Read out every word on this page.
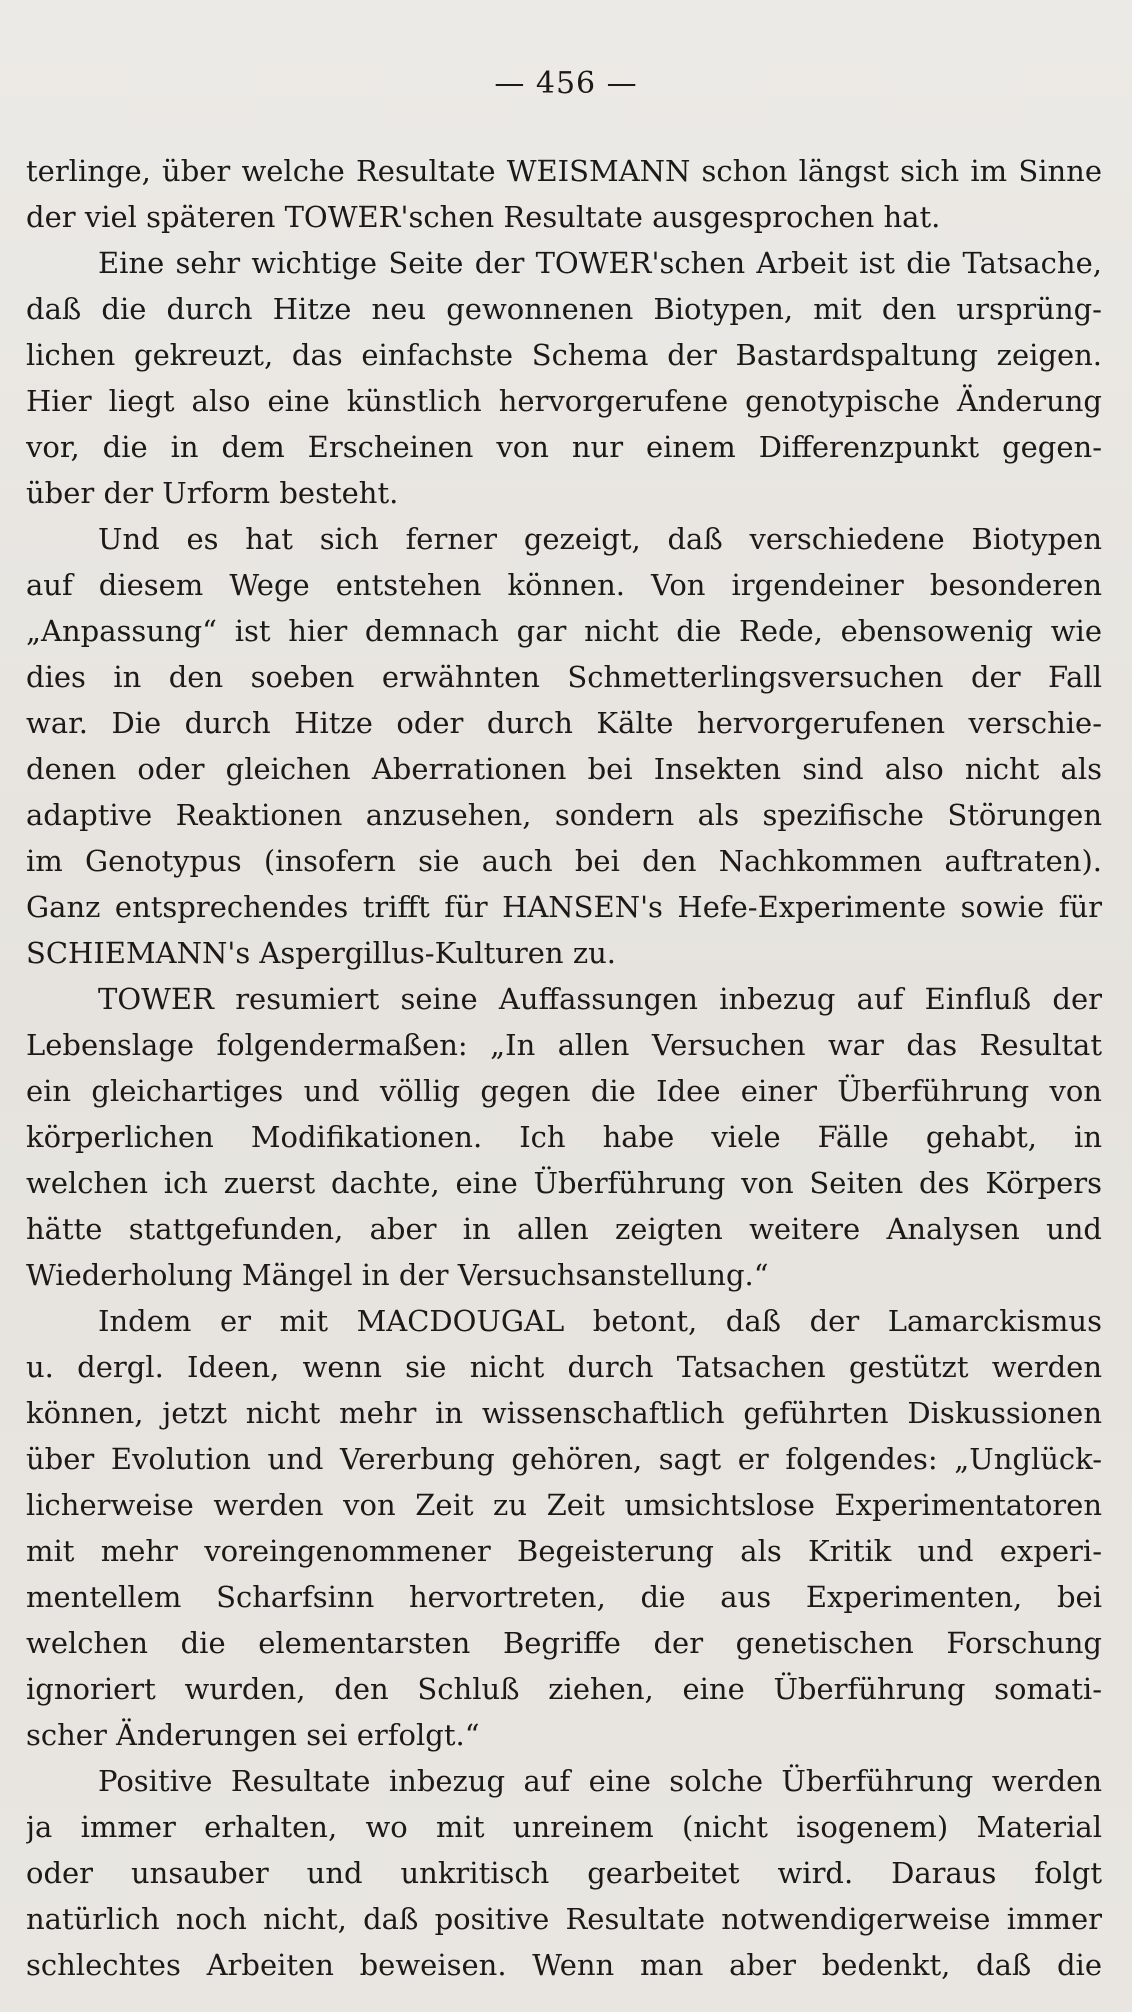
— 456 —
terlinge, über welche Resultate WEISMANN schon längst sich im Sinne
der viel späteren TOWER'schen Resultate ausgesprochen hat.
Eine sehr wichtige Seite der TOWER'schen Arbeit ist die Tatsache,
daß die durch Hitze neu gewonnenen Biotypen, mit den ursprüng-
lichen gekreuzt, das einfachste Schema der Bastardspaltung zeigen.
Hier liegt also eine künstlich hervorgerufene genotypische Änderung
vor, die in dem Erscheinen von nur einem Differenzpunkt gegen-
über der Urform besteht.
Und es hat sich ferner gezeigt, daß verschiedene Biotypen
auf diesem Wege entstehen können. Von irgendeiner besonderen
„Anpassung“ ist hier demnach gar nicht die Rede, ebensowenig wie
dies in den soeben erwähnten Schmetterlingsversuchen der Fall
war. Die durch Hitze oder durch Kälte hervorgerufenen verschie-
denen oder gleichen Aberrationen bei Insekten sind also nicht als
adaptive Reaktionen anzusehen, sondern als spezifische Störungen
im Genotypus (insofern sie auch bei den Nachkommen auftraten).
Ganz entsprechendes trifft für HANSEN's Hefe-Experimente sowie für
SCHIEMANN's Aspergillus-Kulturen zu.
TOWER resumiert seine Auffassungen inbezug auf Einfluß der
Lebenslage folgendermaßen: „In allen Versuchen war das Resultat
ein gleichartiges und völlig gegen die Idee einer Überführung von
körperlichen Modifikationen. Ich habe viele Fälle gehabt, in
welchen ich zuerst dachte, eine Überführung von Seiten des Körpers
hätte stattgefunden, aber in allen zeigten weitere Analysen und
Wiederholung Mängel in der Versuchsanstellung.“
Indem er mit MACDOUGAL betont, daß der Lamarckismus
u. dergl. Ideen, wenn sie nicht durch Tatsachen gestützt werden
können, jetzt nicht mehr in wissenschaftlich geführten Diskussionen
über Evolution und Vererbung gehören, sagt er folgendes: „Unglück-
licherweise werden von Zeit zu Zeit umsichtslose Experimentatoren
mit mehr voreingenommener Begeisterung als Kritik und experi-
mentellem Scharfsinn hervortreten, die aus Experimenten, bei
welchen die elementarsten Begriffe der genetischen Forschung
ignoriert wurden, den Schluß ziehen, eine Überführung somati-
scher Änderungen sei erfolgt.“
Positive Resultate inbezug auf eine solche Überführung werden
ja immer erhalten, wo mit unreinem (nicht isogenem) Material
oder unsauber und unkritisch gearbeitet wird. Daraus folgt
natürlich noch nicht, daß positive Resultate notwendigerweise immer
schlechtes Arbeiten beweisen. Wenn man aber bedenkt, daß die
